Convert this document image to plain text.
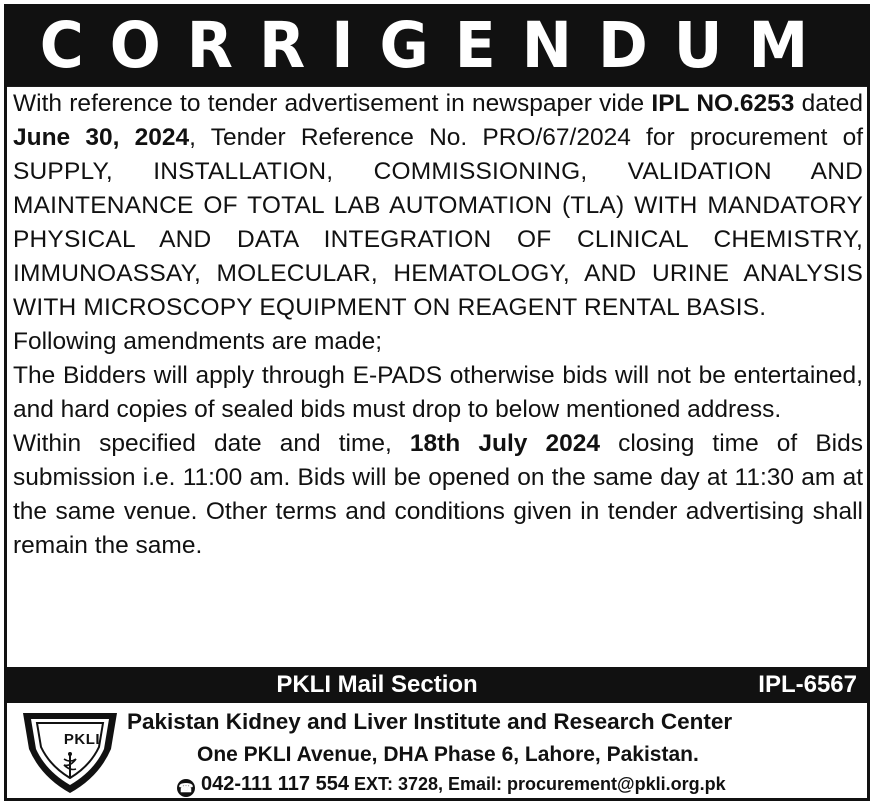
CORRIGENDUM

With reference to tender advertisement in newspaper vide IPL NO.6253 dated June 30, 2024, Tender Reference No. PRO/67/2024 for procurement of SUPPLY, INSTALLATION, COMMISSIONING, VALIDATION AND MAINTENANCE OF TOTAL LAB AUTOMATION (TLA) WITH MANDATORY PHYSICAL AND DATA INTEGRATION OF CLINICAL CHEMISTRY, IMMUNOASSAY, MOLECULAR, HEMATOLOGY, AND URINE ANALYSIS WITH MICROSCOPY EQUIPMENT ON REAGENT RENTAL BASIS.

Following amendments are made;

The Bidders will apply through E-PADS otherwise bids will not be entertained, and hard copies of sealed bids must drop to below mentioned address.

Within specified date and time, 18th July 2024 closing time of Bids submission i.e. 11:00 am. Bids will be opened on the same day at 11:30 am at the same venue. Other terms and conditions given in tender advertising shall remain the same.

PKLI Mail Section	IPL-6567
PKLI
Pakistan Kidney and Liver Institute and Research Center
One PKLI Avenue, DHA Phase 6, Lahore, Pakistan.
☎ 042-111 117 554 EXT: 3728, Email: procurement@pkli.org.pk
